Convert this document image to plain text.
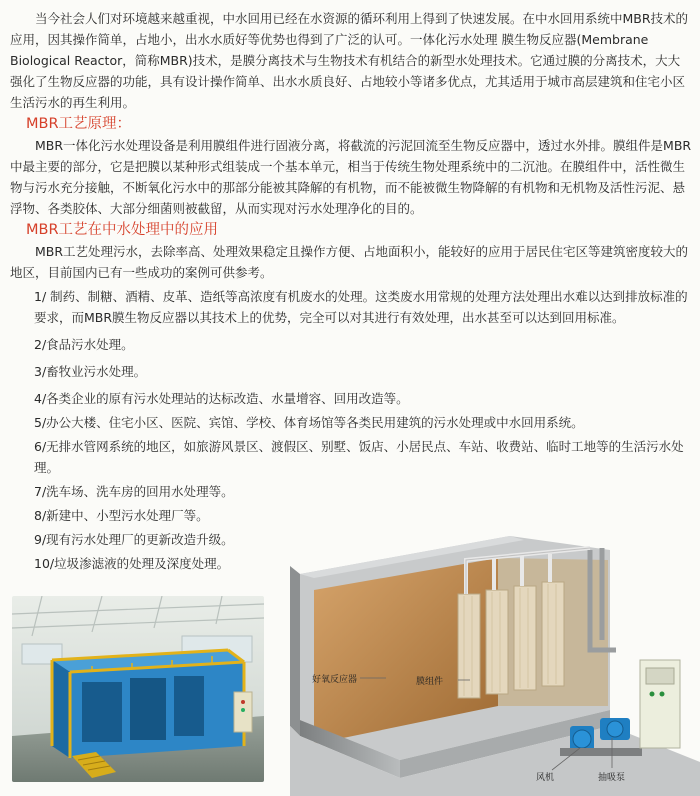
当今社会人们对环境越来越重视，中水回用已经在水资源的循环利用上得到了快速发展。在中水回用系统中MBR技术的应用，因其操作简单，占地小，出水水质好等优势也得到了广泛的认可。一体化污水处理 膜生物反应器(Membrane Biological Reactor，简称MBR)技术，是膜分离技术与生物技术有机结合的新型水处理技术。它通过膜的分离技术，大大强化了生物反应器的功能，具有设计操作简单、出水水质良好、占地较小等诸多优点，尤其适用于城市高层建筑和住宅小区生活污水的再生利用。

MBR工艺原理：

MBR一体化污水处理设备是利用膜组件进行固液分离，将截流的污泥回流至生物反应器中，透过水外排。膜组件是MBR中最主要的部分，它是把膜以某种形式组装成一个基本单元，相当于传统生物处理系统中的二沉池。在膜组件中，活性微生物与污水充分接触，不断氧化污水中的那部分能被其降解的有机物，而不能被微生物降解的有机物和无机物及活性污泥、悬浮物、各类胶体、大部分细菌则被截留，从而实现对污水处理净化的目的。

MBR工艺在中水处理中的应用

MBR工艺处理污水，去除率高、处理效果稳定且操作方便、占地面积小，能较好的应用于居民住宅区等建筑密度较大的地区，目前国内已有一些成功的案例可供参考。

1/ 制药、制糖、酒精、皮革、造纸等高浓度有机废水的处理。这类废水用常规的处理方法处理出水难以达到排放标准的要求，而MBR膜生物反应器以其技术上的优势，完全可以对其进行有效处理，出水甚至可以达到回用标准。

2/食品污水处理。

3/畜牧业污水处理。

4/各类企业的原有污水处理站的达标改造、水量增容、回用改造等。

5/办公大楼、住宅小区、医院、宾馆、学校、体育场馆等各类民用建筑的污水处理或中水回用系统。

6/无排水管网系统的地区，如旅游风景区、渡假区、别墅、饭店、小居民点、车站、收费站、临时工地等的生活污水处理。

7/洗车场、洗车房的回用水处理等。

8/新建中、小型污水处理厂等。

9/现有污水处理厂的更新改造升级。

10/垃圾渗滤液的处理及深度处理。

好氧反应器	膜组件
风机	抽吸泵
